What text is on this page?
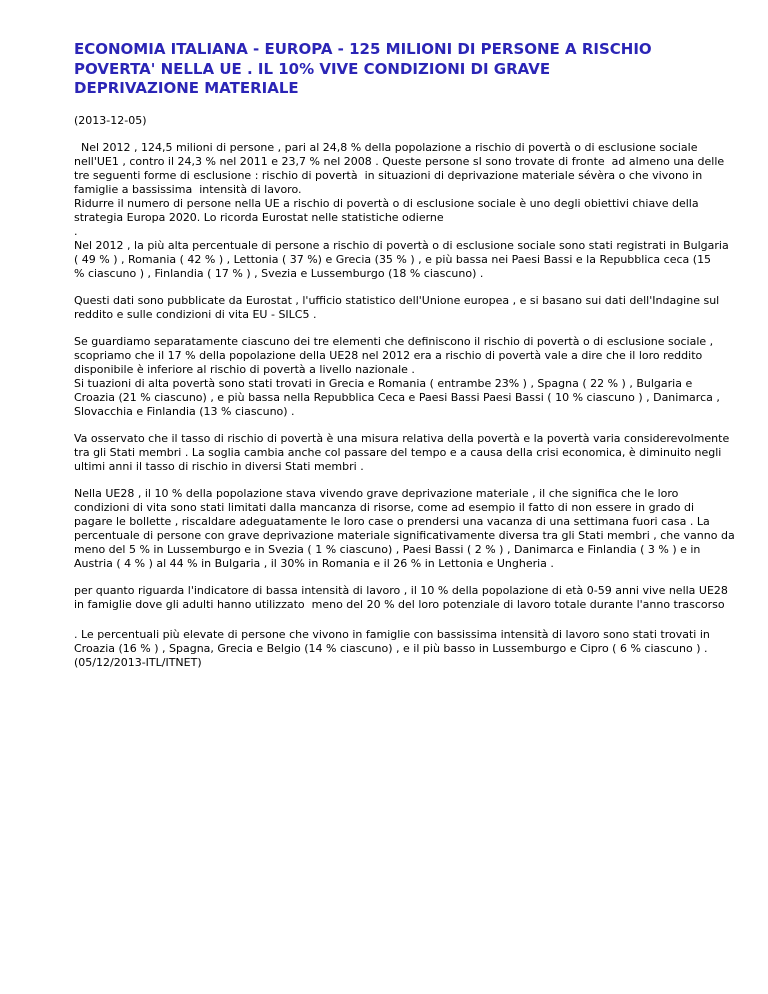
ECONOMIA ITALIANA - EUROPA - 125 MILIONI DI PERSONE A RISCHIO POVERTA' NELLA UE . IL 10% VIVE CONDIZIONI DI GRAVE DEPRIVAZIONE MATERIALE
(2013-12-05)

Nel 2012 , 124,5 milioni di persone , pari al 24,8 % della popolazione a rischio di povertà o di esclusione sociale
nell'UE1 , contro il 24,3 % nel 2011 e 23,7 % nel 2008 . Queste persone sI sono trovate di fronte  ad almeno una delle
tre seguenti forme di esclusione : rischio di povertà  in situazioni di deprivazione materiale sévèra o che vivono in
famiglie a bassissima  intensità di lavoro.
Ridurre il numero di persone nella UE a rischio di povertà o di esclusione sociale è uno degli obiettivi chiave della
strategia Europa 2020. Lo ricorda Eurostat nelle statistiche odierne
.
Nel 2012 , la più alta percentuale di persone a rischio di povertà o di esclusione sociale sono stati registrati in Bulgaria
( 49 % ) , Romania ( 42 % ) , Lettonia ( 37 %) e Grecia (35 % ) , e più bassa nei Paesi Bassi e la Repubblica ceca (15
% ciascuno ) , Finlandia ( 17 % ) , Svezia e Lussemburgo (18 % ciascuno) .

Questi dati sono pubblicate da Eurostat , l'ufficio statistico dell'Unione europea , e si basano sui dati dell'Indagine sul
reddito e sulle condizioni di vita EU - SILC5 .

Se guardiamo separatamente ciascuno dei tre elementi che definiscono il rischio di povertà o di esclusione sociale ,
scopriamo che il 17 % della popolazione della UE28 nel 2012 era a rischio di povertà vale a dire che il loro reddito
disponibile è inferiore al rischio di povertà a livello nazionale .
Si tuazioni di alta povertà sono stati trovati in Grecia e Romania ( entrambe 23% ) , Spagna ( 22 % ) , Bulgaria e
Croazia (21 % ciascuno) , e più bassa nella Repubblica Ceca e Paesi Bassi Paesi Bassi ( 10 % ciascuno ) , Danimarca ,
Slovacchia e Finlandia (13 % ciascuno) .

Va osservato che il tasso di rischio di povertà è una misura relativa della povertà e la povertà varia considerevolmente
tra gli Stati membri . La soglia cambia anche col passare del tempo e a causa della crisi economica, è diminuito negli
ultimi anni il tasso di rischio in diversi Stati membri .

Nella UE28 , il 10 % della popolazione stava vivendo grave deprivazione materiale , il che significa che le loro
condizioni di vita sono stati limitati dalla mancanza di risorse, come ad esempio il fatto di non essere in grado di
pagare le bollette , riscaldare adeguatamente le loro case o prendersi una vacanza di una settimana fuori casa . La
percentuale di persone con grave deprivazione materiale significativamente diversa tra gli Stati membri , che vanno da
meno del 5 % in Lussemburgo e in Svezia ( 1 % ciascuno) , Paesi Bassi ( 2 % ) , Danimarca e Finlandia ( 3 % ) e in
Austria ( 4 % ) al 44 % in Bulgaria , il 30% in Romania e il 26 % in Lettonia e Ungheria .

per quanto riguarda l'indicatore di bassa intensità di lavoro , il 10 % della popolazione di età 0-59 anni vive nella UE28
in famiglie dove gli adulti hanno utilizzato  meno del 20 % del loro potenziale di lavoro totale durante l'anno trascorso

. Le percentuali più elevate di persone che vivono in famiglie con bassissima intensità di lavoro sono stati trovati in
Croazia (16 % ) , Spagna, Grecia e Belgio (14 % ciascuno) , e il più basso in Lussemburgo e Cipro ( 6 % ciascuno ) .
(05/12/2013-ITL/ITNET)
